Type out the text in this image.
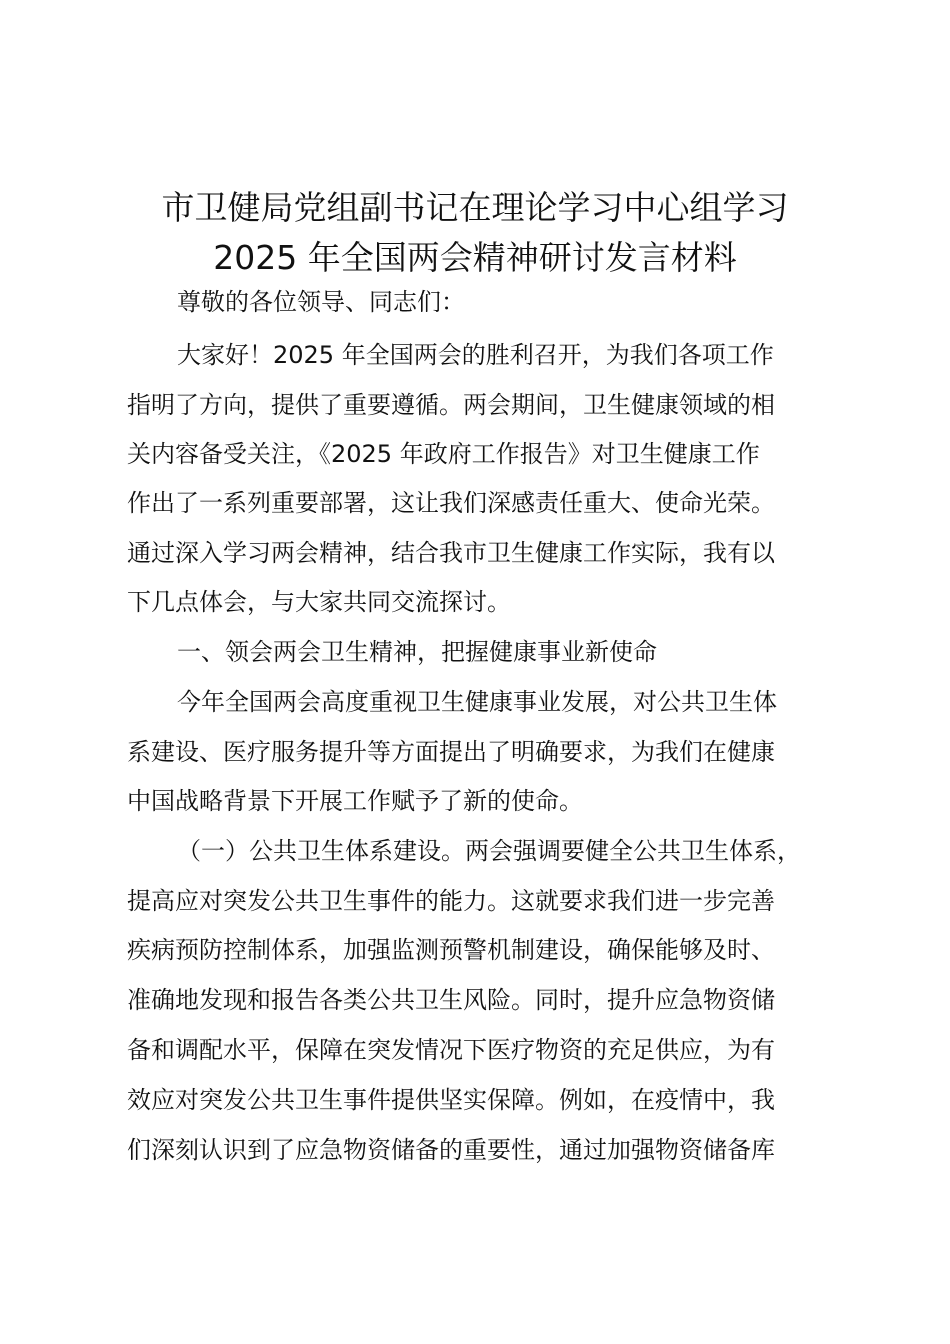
市卫健局党组副书记在理论学习中心组学习
2025 年全国两会精神研讨发言材料

尊敬的各位领导、同志们：

大家好！2025 年全国两会的胜利召开，为我们各项工作

指明了方向，提供了重要遵循。两会期间，卫生健康领域的相

关内容备受关注，《2025 年政府工作报告》对卫生健康工作

作出了一系列重要部署，这让我们深感责任重大、使命光荣。

通过深入学习两会精神，结合我市卫生健康工作实际，我有以

下几点体会，与大家共同交流探讨。

一、领会两会卫生精神，把握健康事业新使命

今年全国两会高度重视卫生健康事业发展，对公共卫生体

系建设、医疗服务提升等方面提出了明确要求，为我们在健康

中国战略背景下开展工作赋予了新的使命。

（一）公共卫生体系建设。两会强调要健全公共卫生体系，

提高应对突发公共卫生事件的能力。这就要求我们进一步完善

疾病预防控制体系，加强监测预警机制建设，确保能够及时、

准确地发现和报告各类公共卫生风险。同时，提升应急物资储

备和调配水平，保障在突发情况下医疗物资的充足供应，为有

效应对突发公共卫生事件提供坚实保障。例如，在疫情中，我

们深刻认识到了应急物资储备的重要性，通过加强物资储备库
